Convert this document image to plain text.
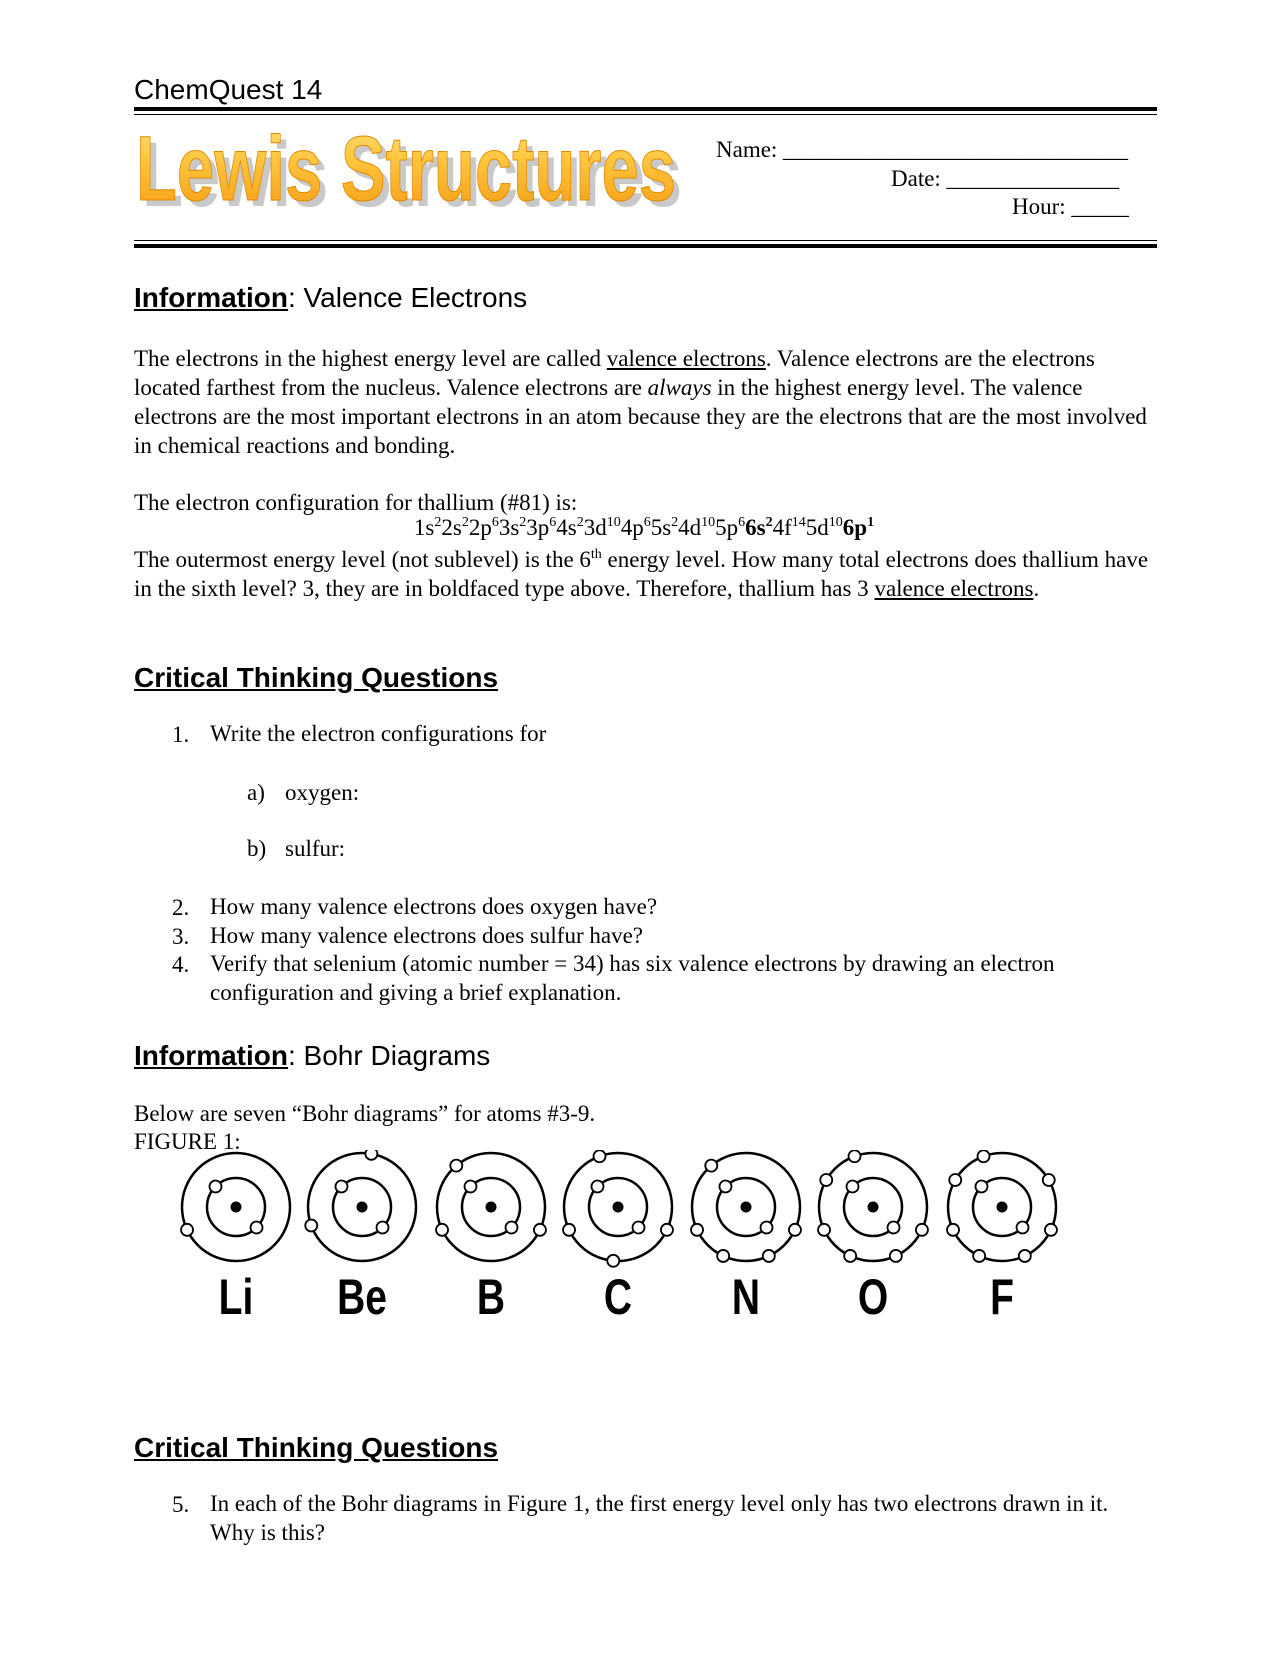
ChemQuest 14
Lewis Structures
Lewis Structures Name: ______________________________
Date: _______________
Hour: _____
Information: Valence Electrons
The electrons in the highest energy level are called valence electrons. Valence electrons are the electrons located farthest from the nucleus. Valence electrons are always in the highest energy level. The valence electrons are the most important electrons in an atom because they are the electrons that are the most involved in chemical reactions and bonding.
The electron configuration for thallium (#81) is:
$1s^22s^22p^63s^23p^64s^23d^{10}4p^65s^24d^{10}5p^66s^24f^{14}5d^{10}6p^1$
The outermost energy level (not sublevel) is the 6th energy level. How many total electrons does thallium have in the sixth level? 3, they are in boldfaced type above. Therefore, thallium has 3 valence electrons.
Critical Thinking Questions
1. Write the electron configurations for
a) oxygen:
b) sulfur:
2. How many valence electrons does oxygen have?
3. How many valence electrons does sulfur have?
4. Verify that selenium (atomic number = 34) has six valence electrons by drawing an electron configuration and giving a brief explanation.
Information: Bohr Diagrams
Below are seven “Bohr diagrams” for atoms #3-9.
FIGURE 1:
Li Be	B	C	N	O	F
Critical Thinking Questions
5. In each of the Bohr diagrams in Figure 1, the first energy level only has two electrons drawn in it. Why is this?
